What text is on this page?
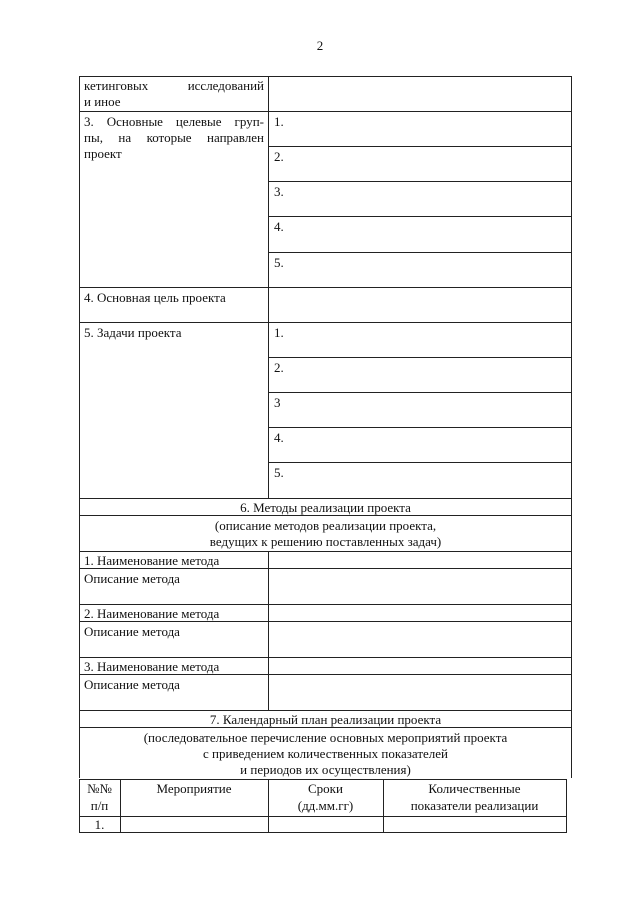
2
кетинговых исследований
и иное
3. Основные целевые груп-
пы, на которые направлен
проект
1.
2.
3.
4.
5.
4. Основная цель проекта
5. Задачи проекта	1.
2.
3
4.
5.
6. Методы реализации проекта
(описание методов реализации проекта,
ведущих к решению поставленных задач)
1. Наименование метода
Описание метода
2. Наименование метода
Описание метода
3. Наименование метода
Описание метода
7. Календарный план реализации проекта
(последовательное перечисление основных мероприятий проекта
с приведением количественных показателей
и периодов их осуществления)
№№
п/п
Мероприятие	Сроки
(дд.мм.гг)
Количественные
показатели реализации
1.
